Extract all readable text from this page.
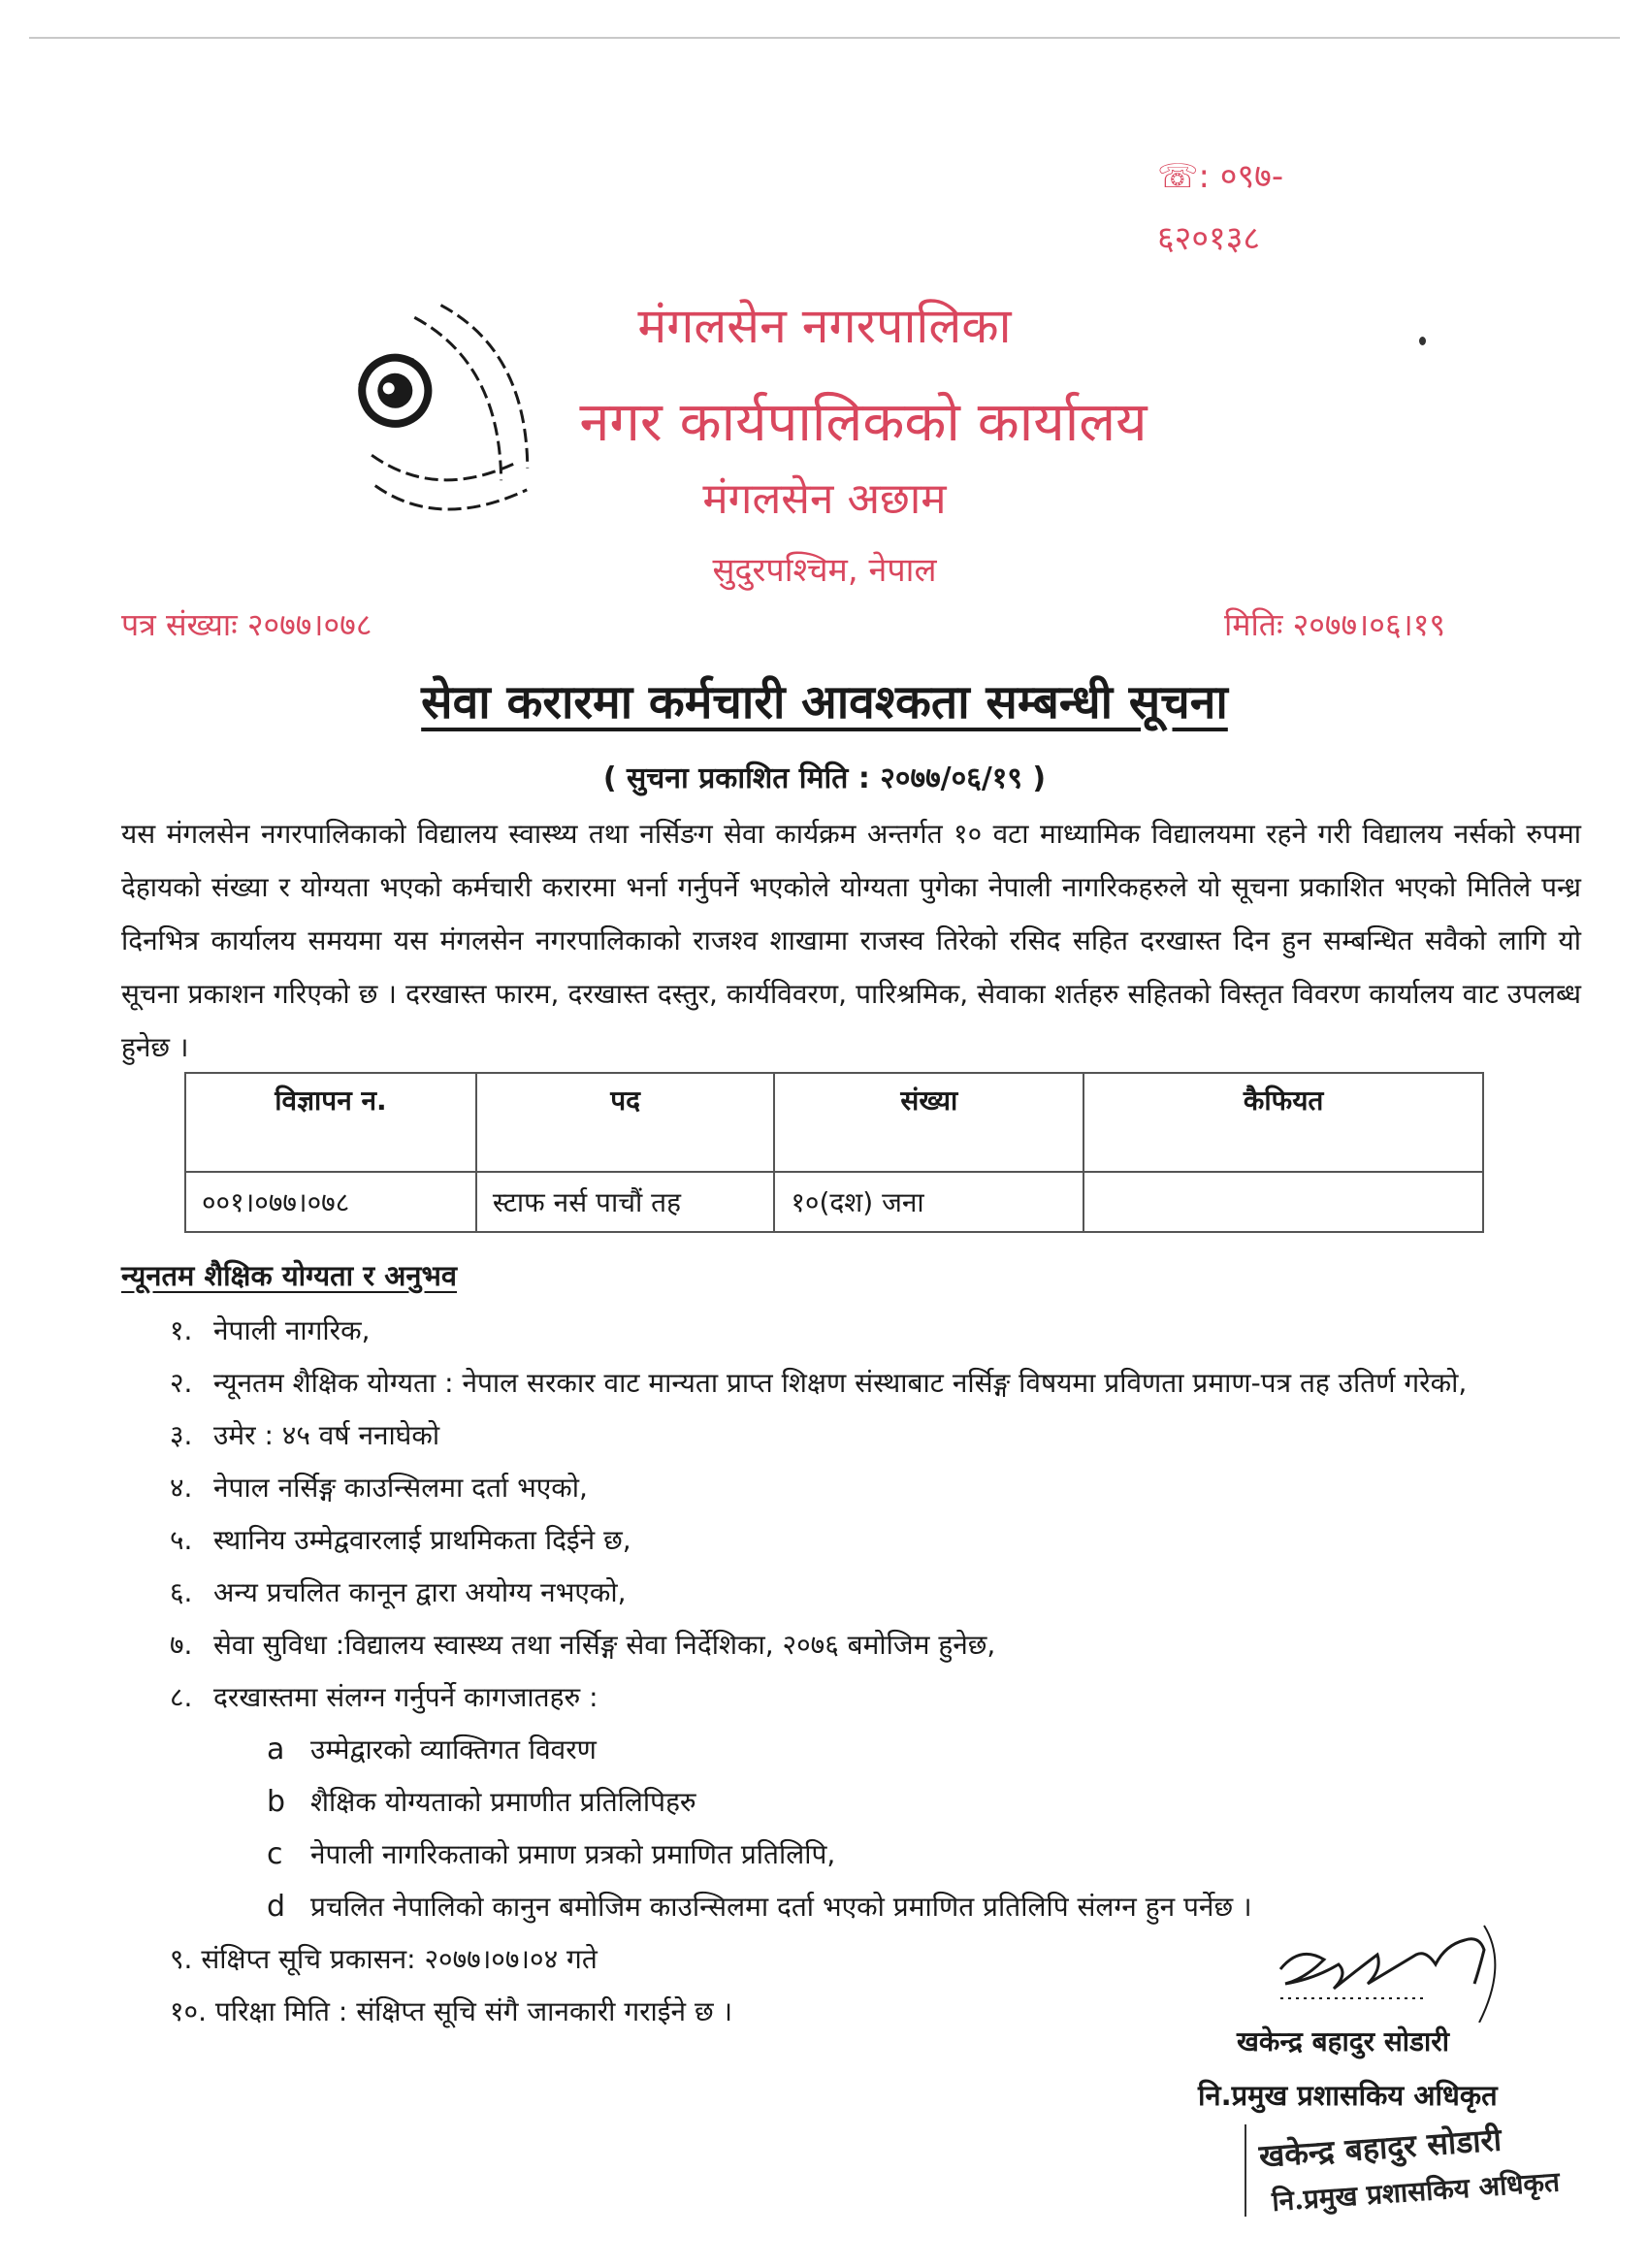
☏: ०९७-
६२०१३८
मंगलसेन नगरपालिका
नगर कार्यपालिकको कार्यालय
मंगलसेन अछाम
सुदुरपश्चिम, नेपाल
पत्र संख्याः २०७७।०७८	मितिः २०७७।०६।१९
सेवा करारमा कर्मचारी आवश्कता सम्बन्धी सूचना
( सुचना प्रकाशित मिति : २०७७/०६/१९ )
यस मंगलसेन नगरपालिकाको विद्यालय स्वास्थ्य तथा नर्सिङग सेवा कार्यक्रम अन्तर्गत १० वटा माध्यामिक विद्यालयमा रहने गरी विद्यालय नर्सको रुपमा देहायको संख्या र योग्यता भएको कर्मचारी करारमा भर्ना गर्नुपर्ने भएकोले योग्यता पुगेका नेपाली नागरिकहरुले यो सूचना प्रकाशित भएको मितिले पन्ध्र दिनभित्र कार्यालय समयमा यस मंगलसेन नगरपालिकाको राजश्व शाखामा राजस्व तिरेको रसिद सहित दरखास्त दिन हुन सम्बन्धित सवैको लागि यो सूचना प्रकाशन गरिएको छ । दरखास्त फारम, दरखास्त दस्तुर, कार्यविवरण, पारिश्रमिक, सेवाका शर्तहरु सहितको विस्तृत विवरण कार्यालय वाट उपलब्ध हुनेछ ।
विज्ञापन न.	पद	संख्या	कैफियत
००१।०७७।०७८	स्टाफ नर्स पाचौं तह	१०(दश) जना	
न्यूनतम शैक्षिक योग्यता र अनुभव
१. नेपाली नागरिक,
२. न्यूनतम शैक्षिक योग्यता : नेपाल सरकार वाट मान्यता प्राप्त शिक्षण संस्थाबाट नर्सिङ्ग विषयमा प्रविणता प्रमाण-पत्र तह उतिर्ण गरेको,
३. उमेर : ४५ वर्ष ननाघेको
४. नेपाल नर्सिङ्ग काउन्सिलमा दर्ता भएको,
५. स्थानिय उम्मेद्ववारलाई प्राथमिकता दिईने छ,
६. अन्य प्रचलित कानून द्वारा अयोग्य नभएको,
७. सेवा सुविधा :विद्यालय स्वास्थ्य तथा नर्सिङ्ग सेवा निर्देशिका, २०७६ बमोजिम हुनेछ,
८. दरखास्तमा संलग्न गर्नुपर्ने कागजातहरु :
a उम्मेद्वारको व्याक्तिगत विवरण
b शैक्षिक योग्यताको प्रमाणीत प्रतिलिपिहरु
c	नेपाली नागरिकताको प्रमाण प्रत्रको प्रमाणित प्रतिलिपि,
d प्रचलित नेपालिको कानुन बमोजिम काउन्सिलमा दर्ता भएको प्रमाणित प्रतिलिपि संलग्न हुन पर्नेछ ।
९. संक्षिप्त सूचि प्रकासन: २०७७।०७।०४ गते
१०. परिक्षा मिति : संक्षिप्त सूचि संगै जानकारी गराईने छ ।
खकेन्द्र बहादुर सोडारी
नि.प्रमुख प्रशासकिय अधिकृत
खकेन्द्र बहादुर सोडारी
नि.प्रमुख प्रशासकिय अधिकृत
